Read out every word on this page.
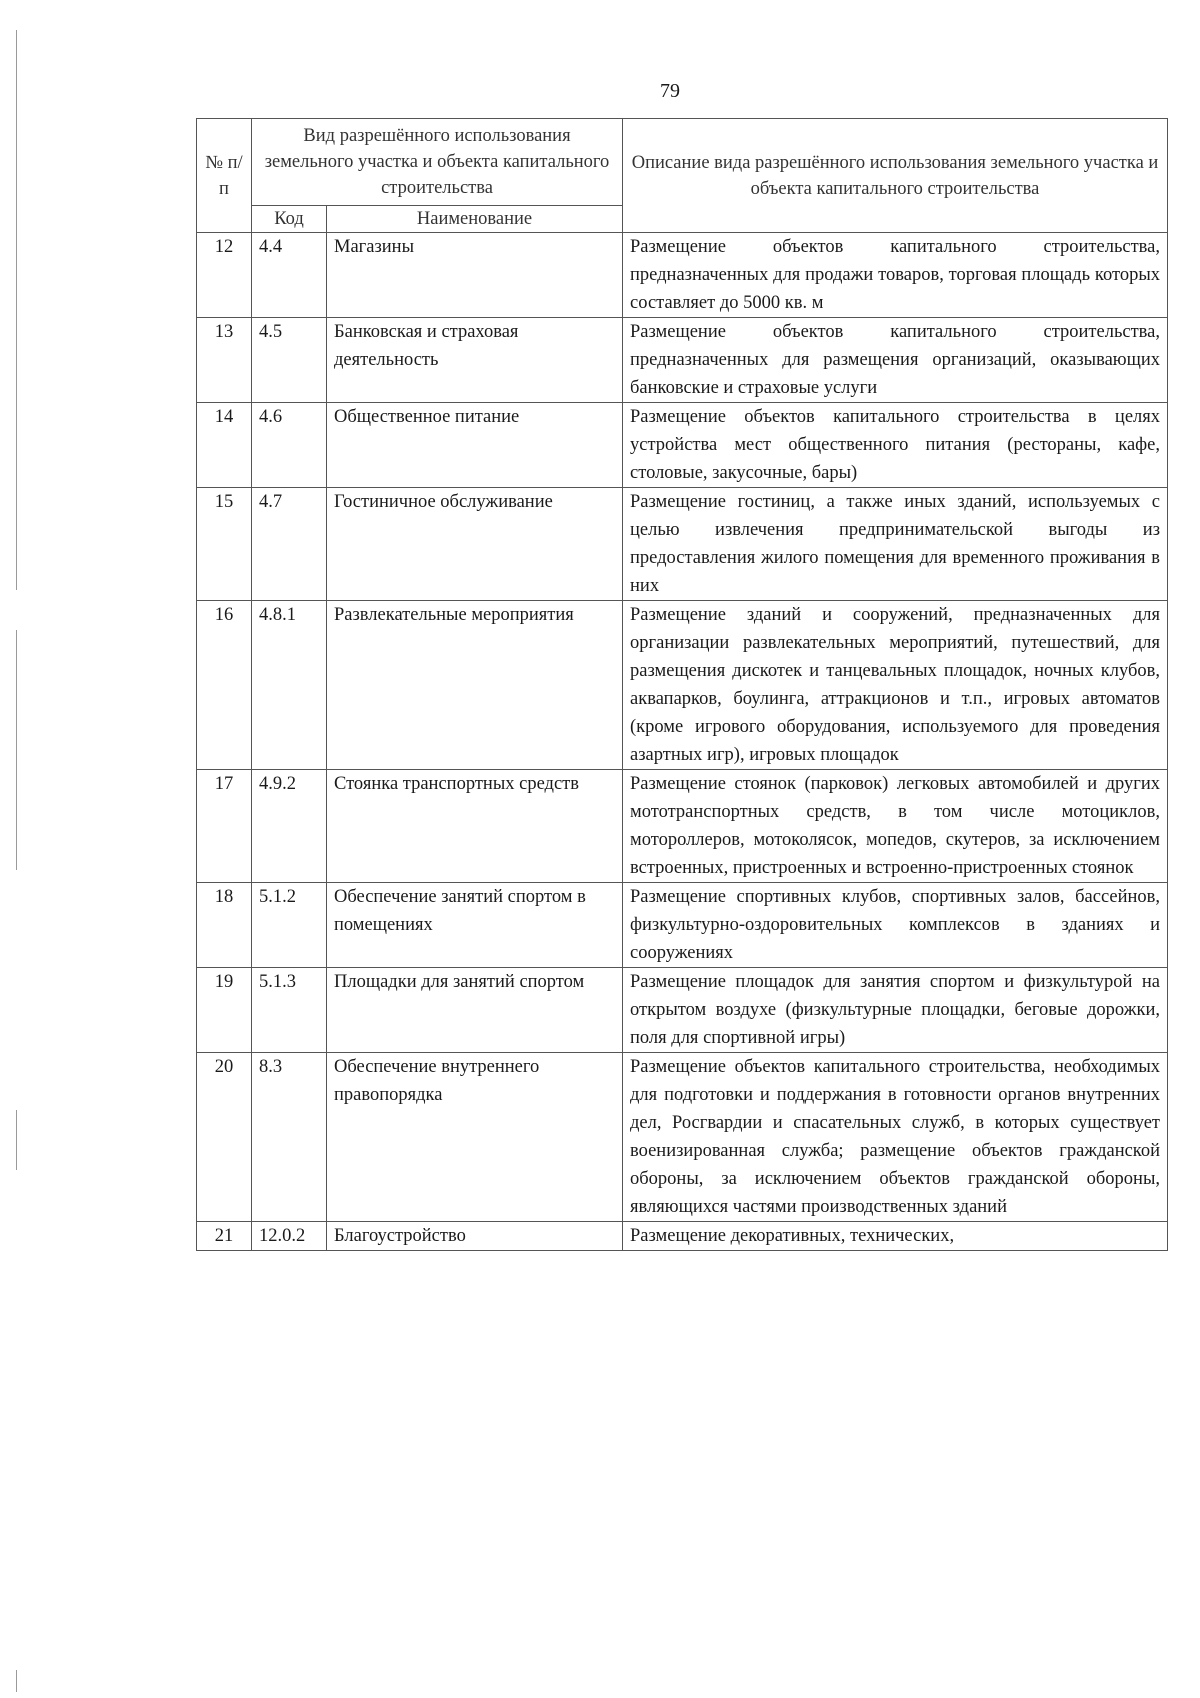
79
№ п/п	Вид разрешённого использования земельного участка и объекта капитального строительства		Описание вида разрешённого использования земельного участка и объекта капитального строительства
	Код	Наименование	
12	4.4	Магазины	Размещение объектов капитального строительства, предназначенных для продажи товаров, торговая площадь которых составляет до 5000 кв. м
13	4.5	Банковская и страховая деятельность	Размещение объектов капитального строительства, предназначенных для размещения организаций, оказывающих банковские и страховые услуги
14	4.6	Общественное питание	Размещение объектов капитального строительства в целях устройства мест общественного питания (рестораны, кафе, столовые, закусочные, бары)
15	4.7	Гостиничное обслуживание	Размещение гостиниц, а также иных зданий, используемых с целью извлечения предпринимательской выгоды из предоставления жилого помещения для временного проживания в них
16	4.8.1	Развлекательные мероприятия	Размещение зданий и сооружений, предназначенных для организации развлекательных мероприятий, путешествий, для размещения дискотек и танцевальных площадок, ночных клубов, аквапарков, боулинга, аттракционов и т.п., игровых автоматов (кроме игрового оборудования, используемого для проведения азартных игр), игровых площадок
17	4.9.2	Стоянка транспортных средств	Размещение стоянок (парковок) легковых автомобилей и других мототранспортных средств, в том числе мотоциклов, мотороллеров, мотоколясок, мопедов, скутеров, за исключением встроенных, пристроенных и встроенно-пристроенных стоянок
18	5.1.2	Обеспечение занятий спортом в помещениях	Размещение спортивных клубов, спортивных залов, бассейнов, физкультурно-оздоровительных комплексов в зданиях и сооружениях
19	5.1.3	Площадки для занятий спортом	Размещение площадок для занятия спортом и физкультурой на открытом воздухе (физкультурные площадки, беговые дорожки, поля для спортивной игры)
20	8.3	Обеспечение внутреннего правопорядка	Размещение объектов капитального строительства, необходимых для подготовки и поддержания в готовности органов внутренних дел, Росгвардии и спасательных служб, в которых существует военизированная служба; размещение объектов гражданской обороны, за исключением объектов гражданской обороны, являющихся частями производственных зданий
21	12.0.2	Благоустройство	Размещение декоративных, технических,
